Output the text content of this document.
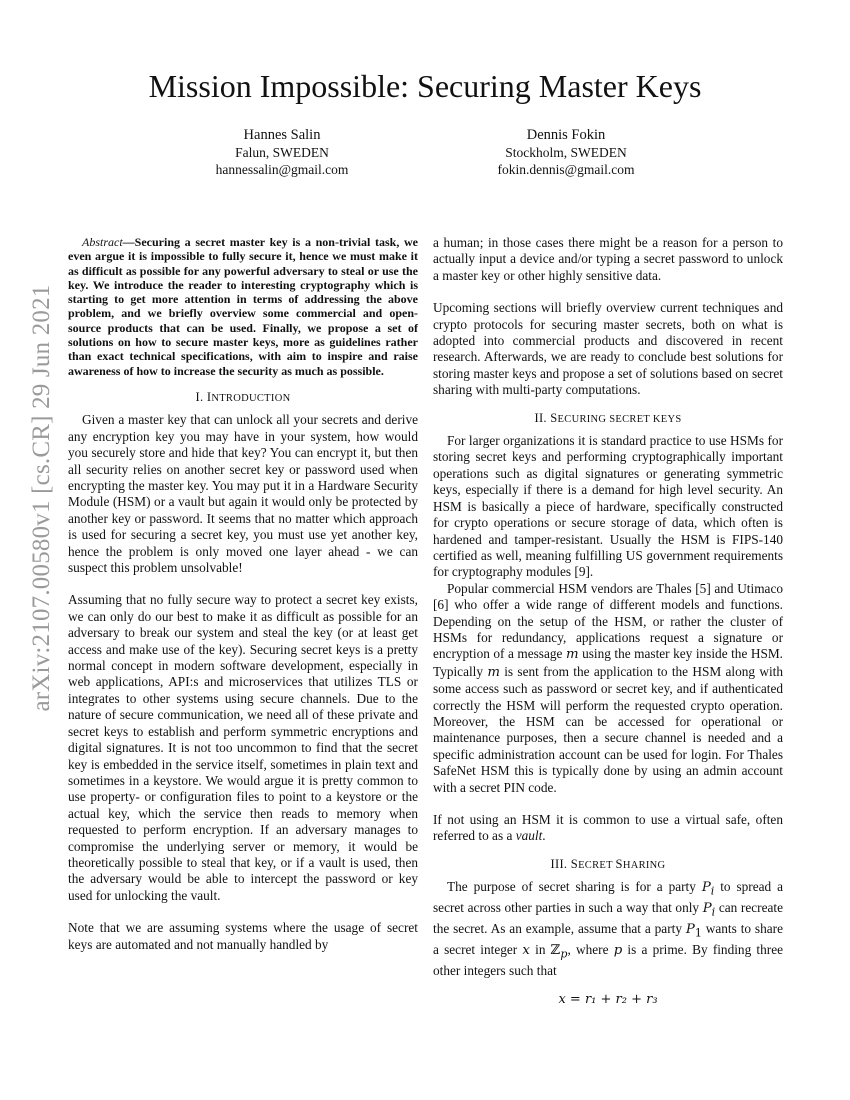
arXiv:2107.00580v1 [cs.CR] 29 Jun 2021
Mission Impossible: Securing Master Keys
Hannes Salin
Falun, SWEDEN
hannessalin@gmail.com
Dennis Fokin
Stockholm, SWEDEN
fokin.dennis@gmail.com

Abstract—Securing a secret master key is a non-trivial task, we even argue it is impossible to fully secure it, hence we must make it as difficult as possible for any powerful adversary to steal or use the key. We introduce the reader to interesting cryptography which is starting to get more attention in terms of addressing the above problem, and we briefly overview some commercial and open-source products that can be used. Finally, we propose a set of solutions on how to secure master keys, more as guidelines rather than exact technical specifications, with aim to inspire and raise awareness of how to increase the security as much as possible.

I. INTRODUCTION

Given a master key that can unlock all your secrets and derive any encryption key you may have in your system, how would you securely store and hide that key? You can encrypt it, but then all security relies on another secret key or password used when encrypting the master key. You may put it in a Hardware Security Module (HSM) or a vault but again it would only be protected by another key or password. It seems that no matter which approach is used for securing a secret key, you must use yet another key, hence the problem is only moved one layer ahead - we can suspect this problem unsolvable!

Assuming that no fully secure way to protect a secret key exists, we can only do our best to make it as difficult as possible for an adversary to break our system and steal the key (or at least get access and make use of the key). Securing secret keys is a pretty normal concept in modern software development, especially in web applications, API:s and microservices that utilizes TLS or integrates to other systems using secure channels. Due to the nature of secure communication, we need all of these private and secret keys to establish and perform symmetric encryptions and digital signatures. It is not too uncommon to find that the secret key is embedded in the service itself, sometimes in plain text and sometimes in a keystore. We would argue it is pretty common to use property- or configuration files to point to a keystore or the actual key, which the service then reads to memory when requested to perform encryption. If an adversary manages to compromise the underlying server or memory, it would be theoretically possible to steal that key, or if a vault is used, then the adversary would be able to intercept the password or key used for unlocking the vault.

Note that we are assuming systems where the usage of secret keys are automated and not manually handled by

a human; in those cases there might be a reason for a person to actually input a device and/or typing a secret password to unlock a master key or other highly sensitive data.

Upcoming sections will briefly overview current techniques and crypto protocols for securing master secrets, both on what is adopted into commercial products and discovered in recent research. Afterwards, we are ready to conclude best solutions for storing master keys and propose a set of solutions based on secret sharing with multi-party computations.

II. SECURING SECRET KEYS

For larger organizations it is standard practice to use HSMs for storing secret keys and performing cryptographically important operations such as digital signatures or generating symmetric keys, especially if there is a demand for high level security. An HSM is basically a piece of hardware, specifically constructed for crypto operations or secure storage of data, which often is hardened and tamper-resistant. Usually the HSM is FIPS-140 certified as well, meaning fulfilling US government requirements for cryptography modules [9].

Popular commercial HSM vendors are Thales [5] and Utimaco [6] who offer a wide range of different models and functions. Depending on the setup of the HSM, or rather the cluster of HSMs for redundancy, applications request a signature or encryption of a message m using the master key inside the HSM. Typically m is sent from the application to the HSM along with some access such as password or secret key, and if authenticated correctly the HSM will perform the requested crypto operation. Moreover, the HSM can be accessed for operational or maintenance purposes, then a secure channel is needed and a specific administration account can be used for login. For Thales SafeNet HSM this is typically done by using an admin account with a secret PIN code.

If not using an HSM it is common to use a virtual safe, often referred to as a vault.

III. SECRET SHARING

The purpose of secret sharing is for a party $P_i$ to spread a secret across other parties in such a way that only $P_i$ can recreate the secret. As an example, assume that a party $P_1$ wants to share a secret integer x in ℤ$_p$, where p is a prime. By finding three other integers such that

x = r₁ + r₂ + r₃
